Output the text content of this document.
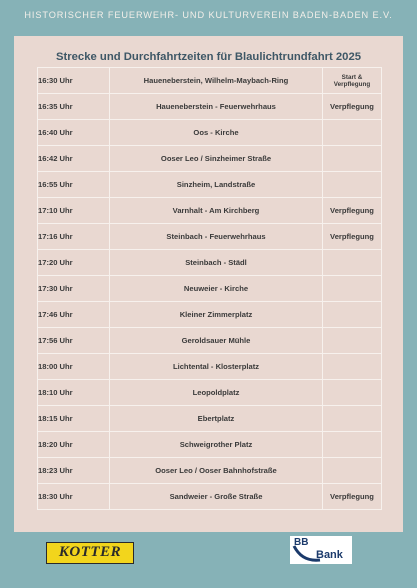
HISTORISCHER FEUERWEHR- UND KULTURVEREIN BADEN-BADEN E.V.
Strecke und Durchfahrtzeiten für Blaulichtrundfahrt 2025
16:30 Uhr	Haueneberstein, Wilhelm-Maybach-Ring	Start & Verpflegung
16:35 Uhr	Haueneberstein - Feuerwehrhaus	Verpflegung
16:40 Uhr	Oos - Kirche	
16:42 Uhr	Ooser Leo / Sinzheimer Straße	
16:55 Uhr	Sinzheim, Landstraße	
17:10 Uhr	Varnhalt - Am Kirchberg	Verpflegung
17:16 Uhr	Steinbach - Feuerwehrhaus	Verpflegung
17:20 Uhr	Steinbach - Städl	
17:30 Uhr	Neuweier - Kirche	
17:46 Uhr	Kleiner Zimmerplatz	
17:56 Uhr	Geroldsauer Mühle	
18:00 Uhr	Lichtental - Klosterplatz	
18:10 Uhr	Leopoldplatz	
18:15 Uhr	Ebertplatz	
18:20 Uhr	Schweigrother Platz	
18:23 Uhr	Ooser Leo / Ooser Bahnhofstraße	
18:30 Uhr	Sandweier - Große Straße	Verpflegung
KOTTER
BB
Bank
